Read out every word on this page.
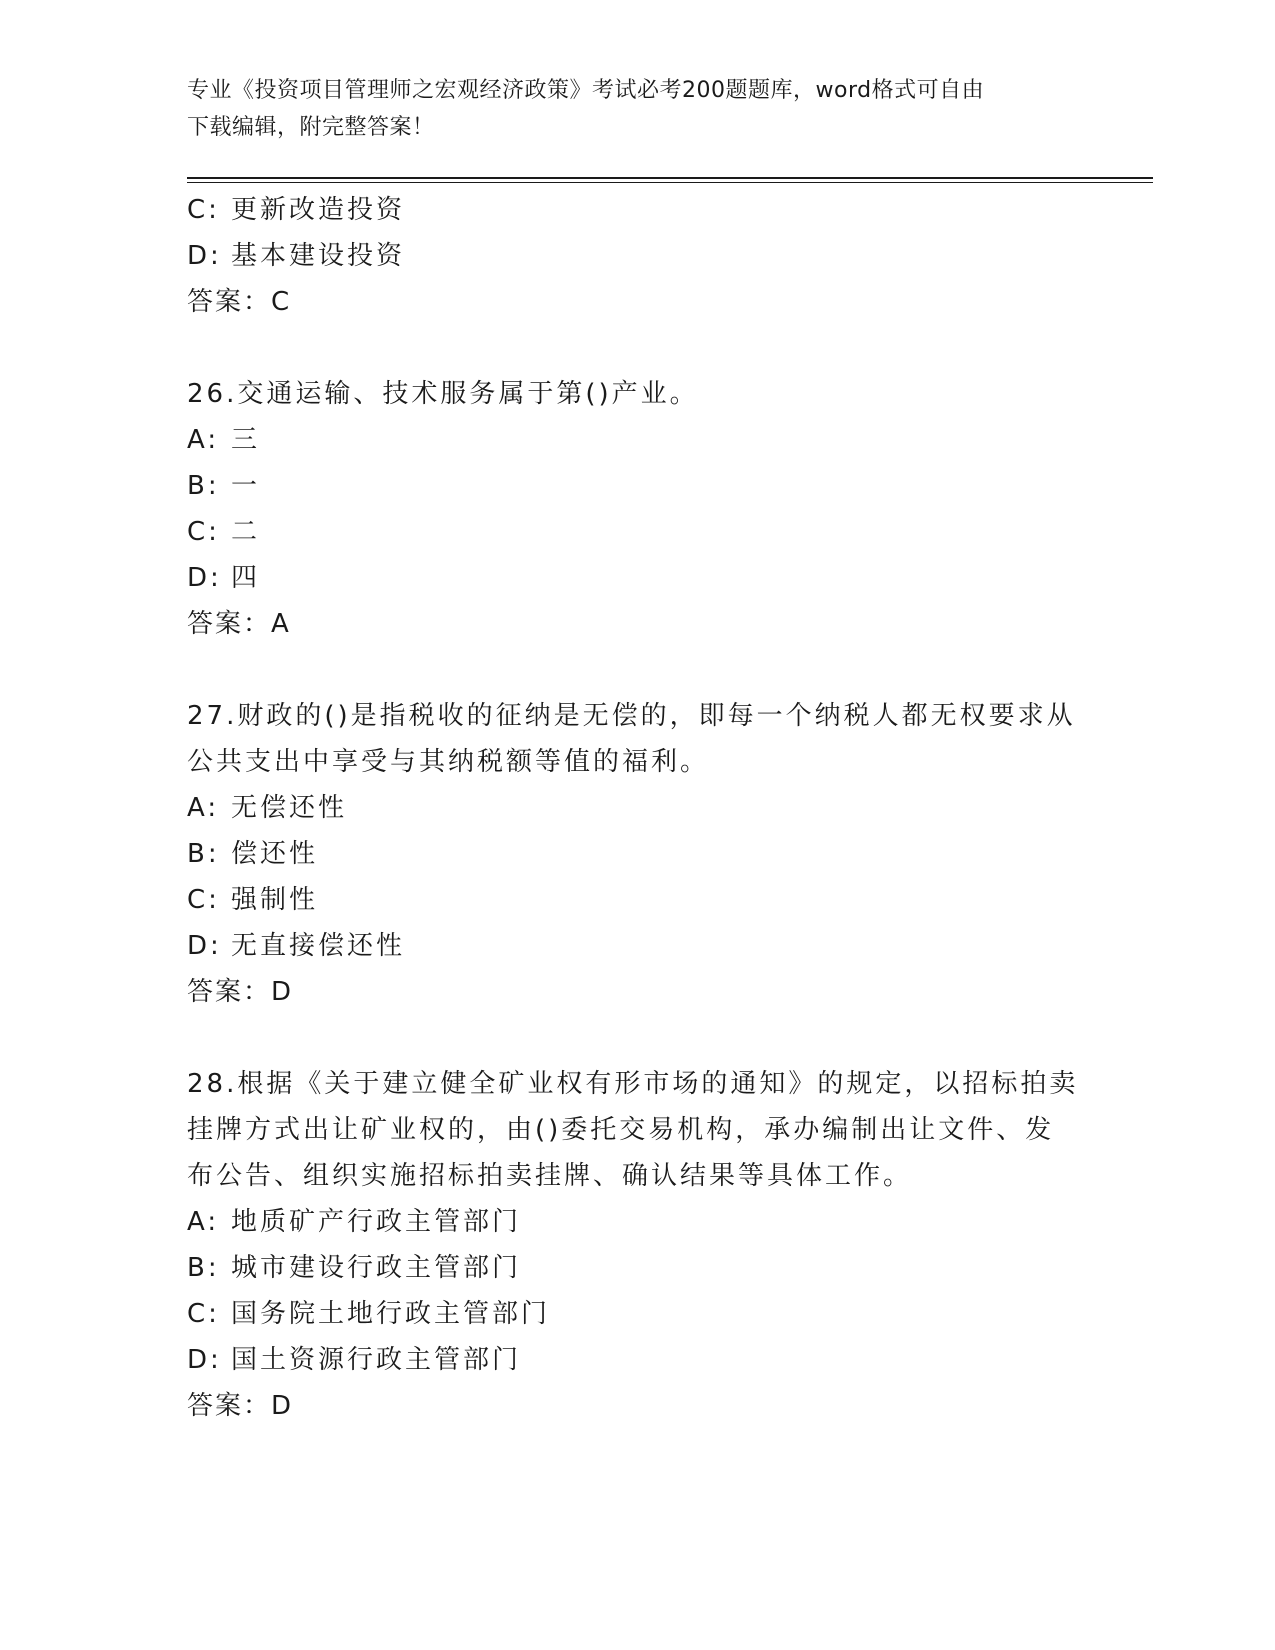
专业《投资项目管理师之宏观经济政策》考试必考200题题库，word格式可自由
下载编辑，附完整答案！
C: 更新改造投资
D: 基本建设投资
答案：C
26.交通运输、技术服务属于第()产业。
A: 三
B: 一
C: 二
D: 四
答案：A
27.财政的()是指税收的征纳是无偿的，即每一个纳税人都无权要求从
公共支出中享受与其纳税额等值的福利。
A: 无偿还性
B: 偿还性
C: 强制性
D: 无直接偿还性
答案：D
28.根据《关于建立健全矿业权有形市场的通知》的规定，以招标拍卖
挂牌方式出让矿业权的，由()委托交易机构，承办编制出让文件、发
布公告、组织实施招标拍卖挂牌、确认结果等具体工作。
A: 地质矿产行政主管部门
B: 城市建设行政主管部门
C: 国务院土地行政主管部门
D: 国土资源行政主管部门
答案：D
